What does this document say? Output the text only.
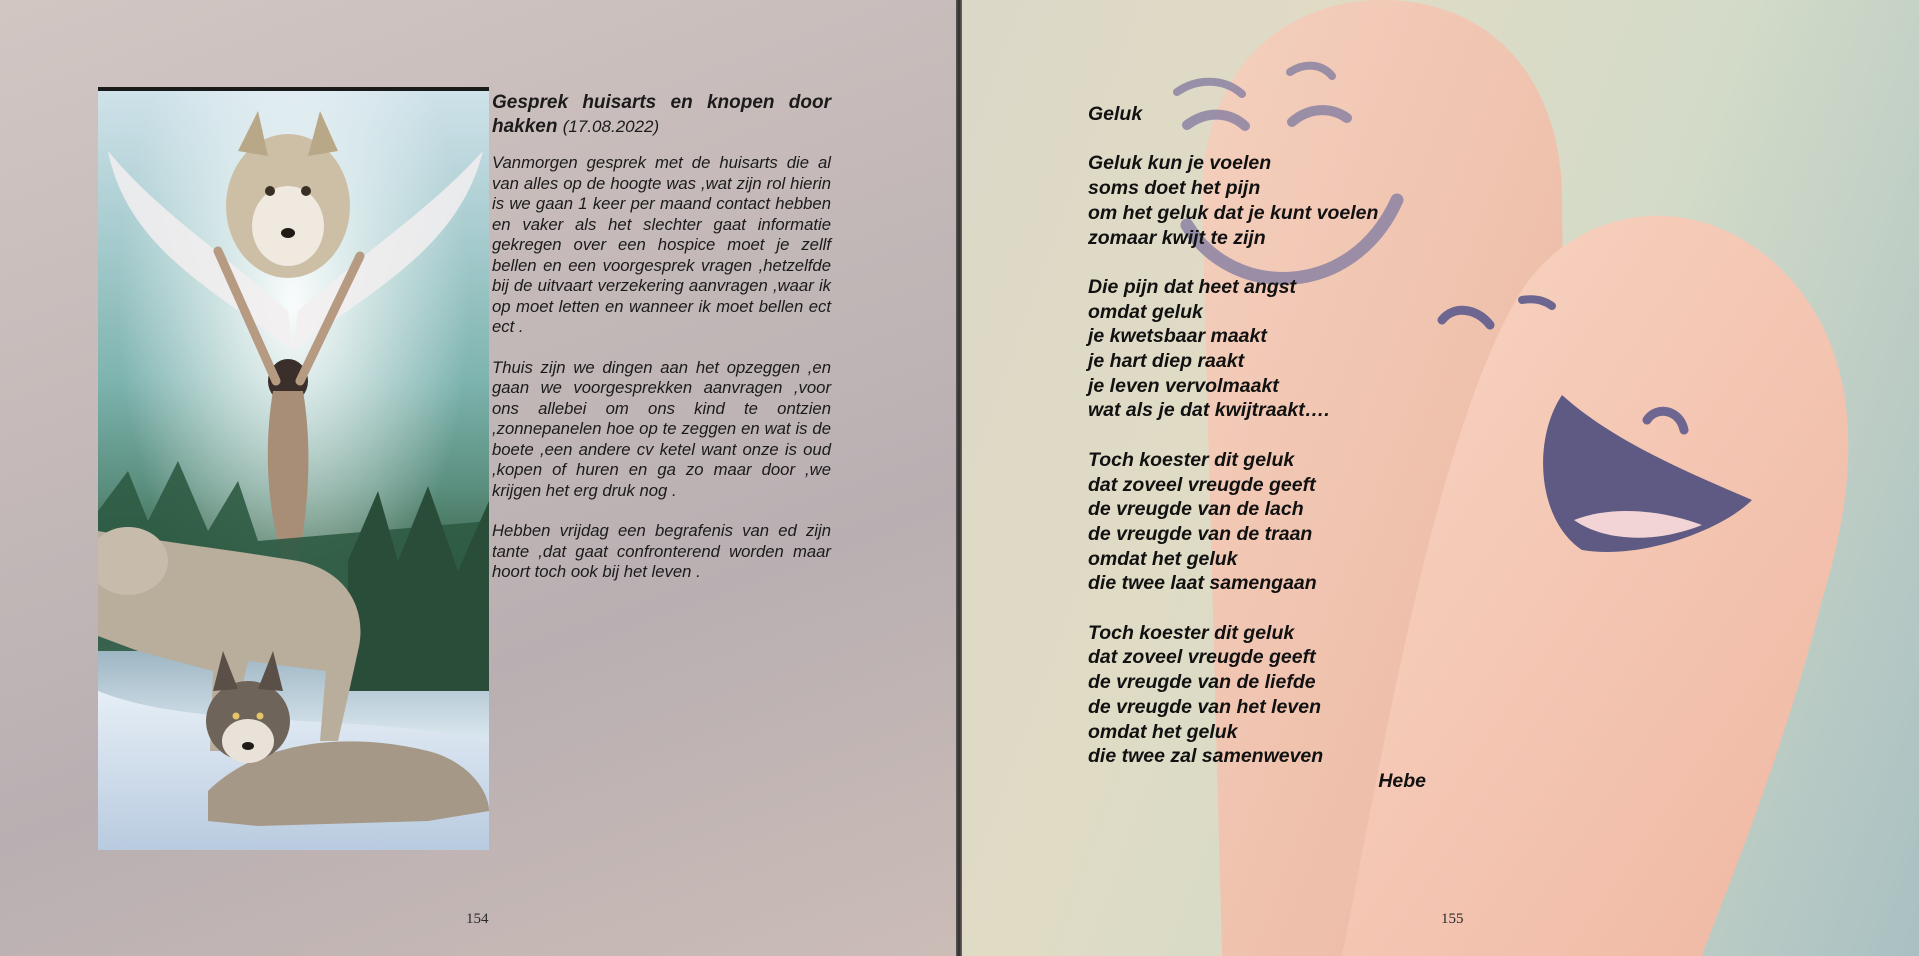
Gesprek huisarts en knopen door hakken (17.08.2022)

Vanmorgen gesprek met de huisarts die al van alles op de hoogte was ,wat zijn rol hierin is we gaan 1 keer per maand contact hebben en vaker als het slechter gaat informatie gekregen over een hospice moet je zellf bellen en een voorgesprek vragen ,hetzelfde bij de uitvaart verzekering aanvragen ,waar ik op moet letten en wanneer ik moet bellen ect ect .

Thuis zijn we dingen aan het opzeggen ,en gaan we voorgesprekken aanvragen ,voor ons allebei om ons kind te ontzien ,zonnepanelen hoe op te zeggen en wat is de boete ,een andere cv ketel want onze is oud ,kopen of huren en ga zo maar door ,we krijgen het erg druk nog .

Hebben vrijdag een begrafenis van ed zijn tante ,dat gaat confronterend worden maar hoort toch ook bij het leven .

154	155
Geluk
Geluk kun je voelen
soms doet het pijn
om het geluk dat je kunt voelen
zomaar kwijt te zijn
Die pijn dat heet angst
omdat geluk
je kwetsbaar maakt
je hart diep raakt
je leven vervolmaakt
wat als je dat kwijtraakt….
Toch koester dit geluk
dat zoveel vreugde geeft
de vreugde van de lach
de vreugde van de traan
omdat het geluk
die twee laat samengaan
Toch koester dit geluk
dat zoveel vreugde geeft
de vreugde van de liefde
de vreugde van het leven
omdat het geluk
die twee zal samenweven
Hebe
